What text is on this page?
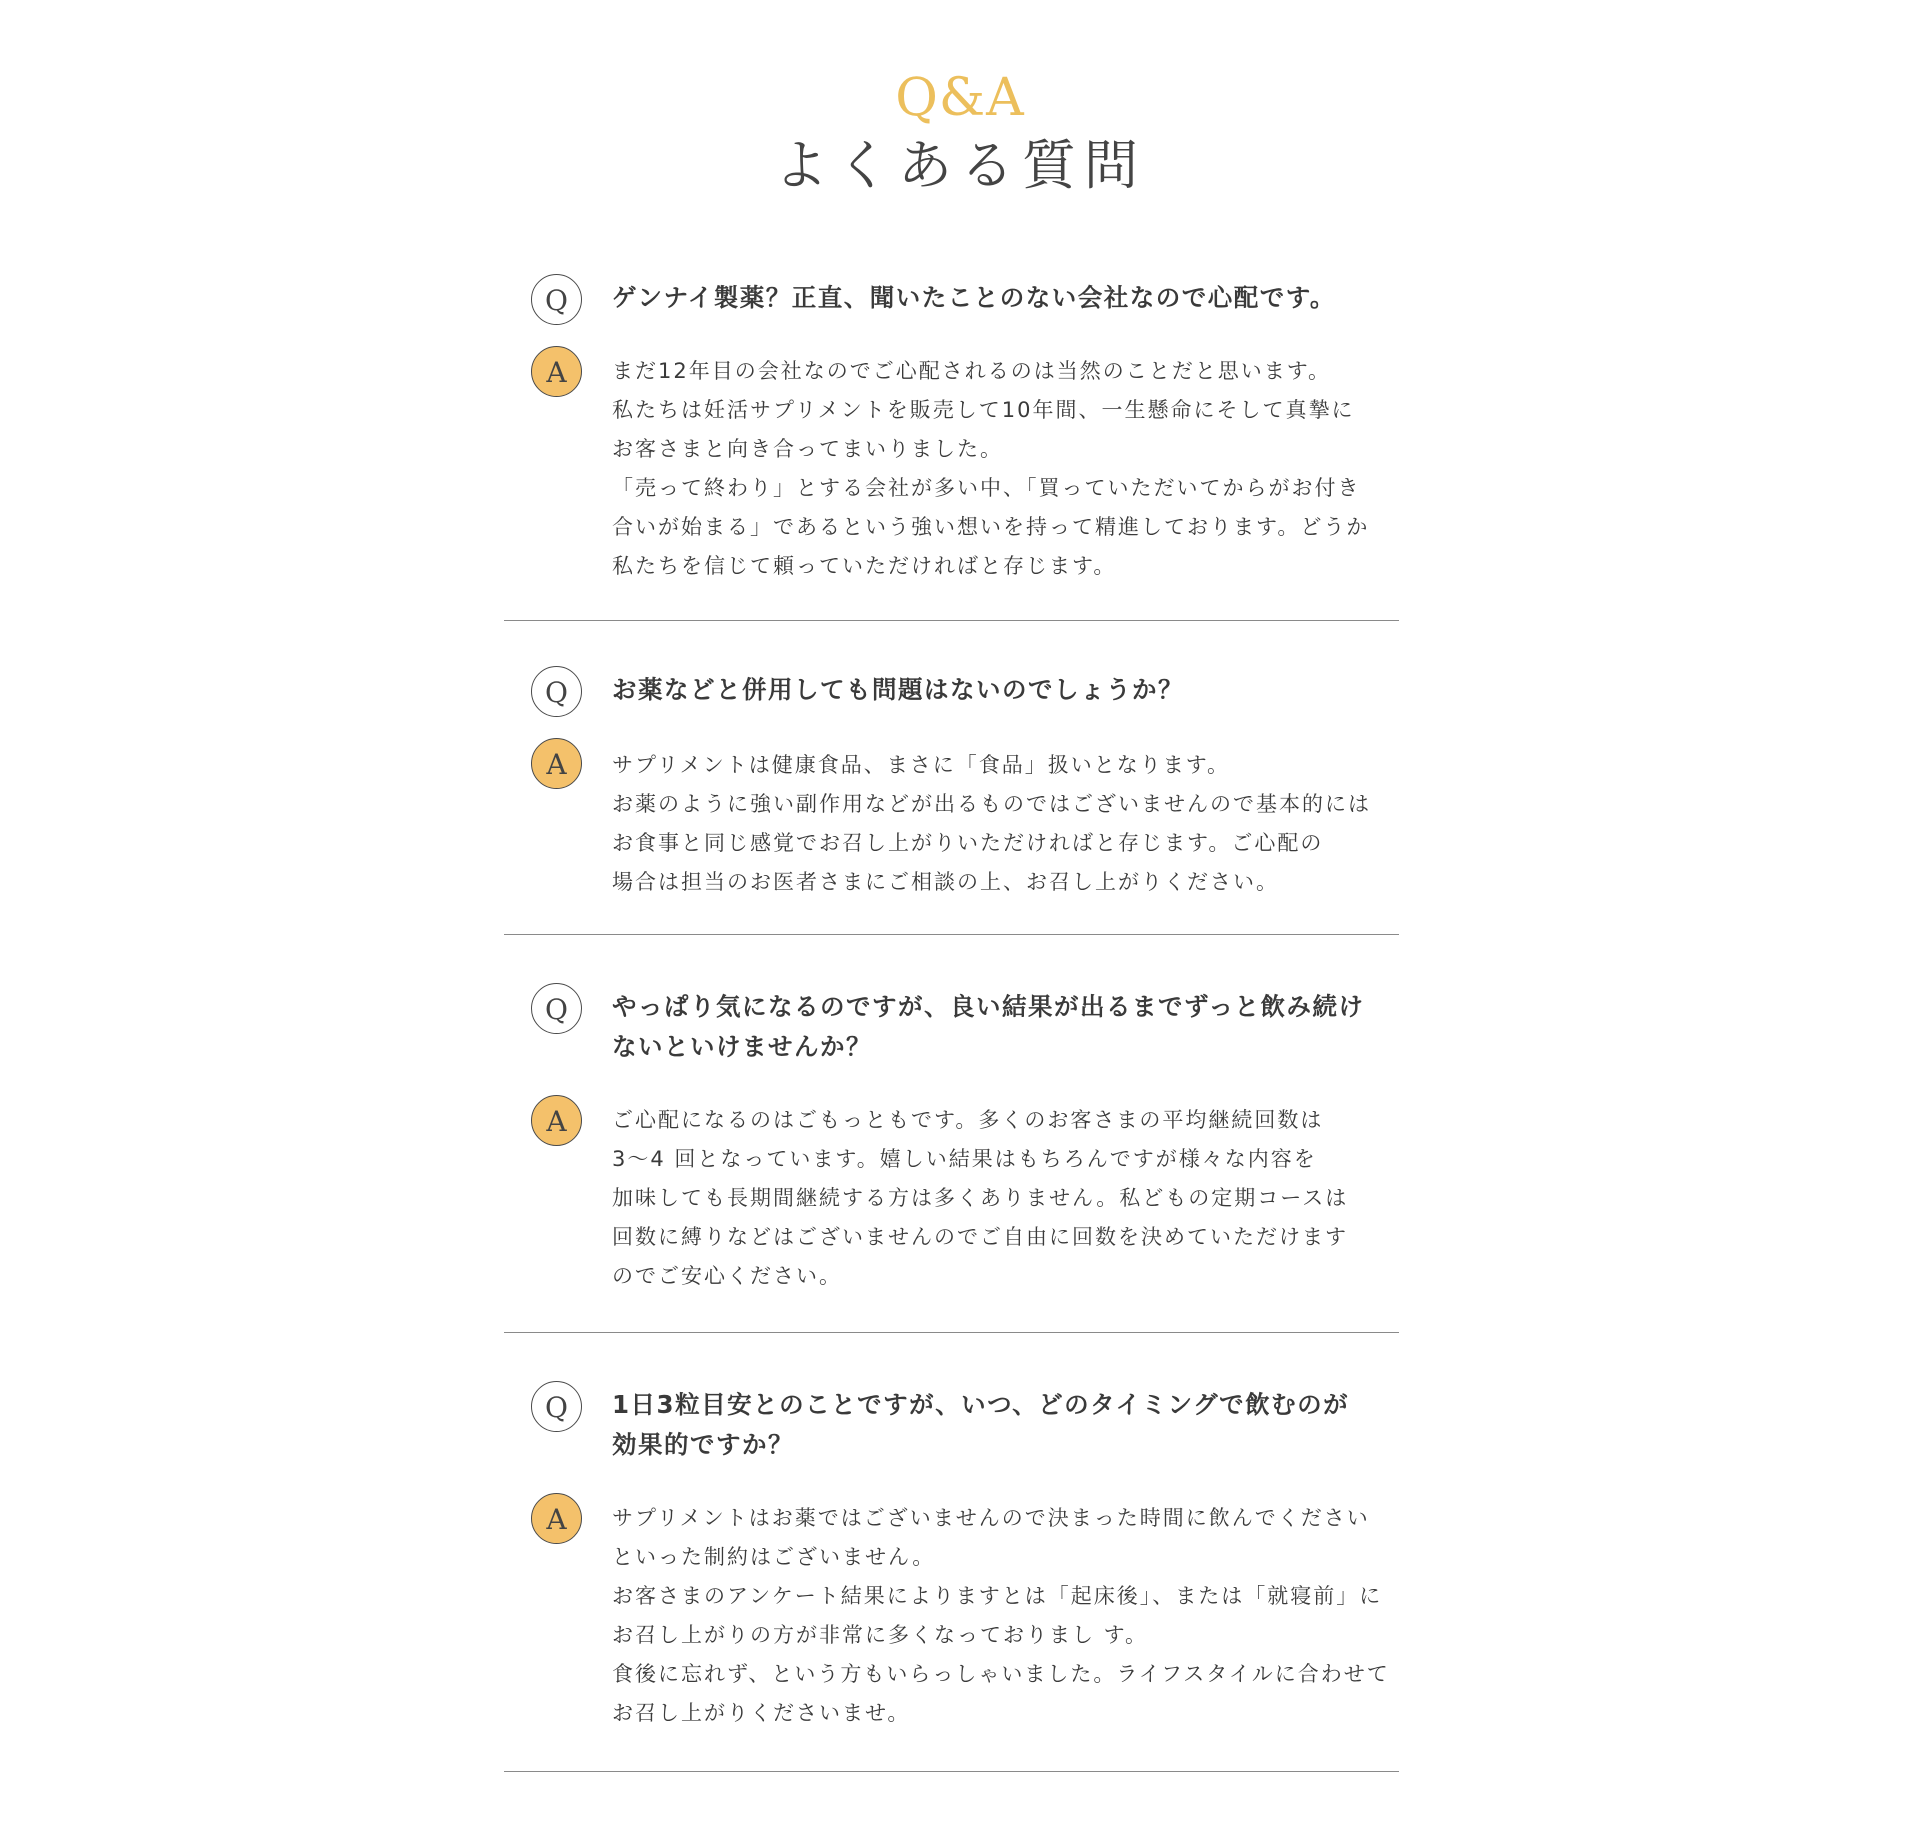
Q&A
よくある質問
Q	ゲンナイ製薬？正直、聞いたことのない会社なので心配です。
A	まだ12年目の会社なのでご心配されるのは当然のことだと思います。
私たちは妊活サプリメントを販売して10年間、一生懸命にそして真摯に
お客さまと向き合ってまいりました。
「売って終わり」とする会社が多い中、「買っていただいてからがお付き
合いが始まる」であるという強い想いを持って精進しております。どうか
私たちを信じて頼っていただければと存じます。
Q	お薬などと併用しても問題はないのでしょうか？
A	サプリメントは健康食品、まさに「食品」扱いとなります。
お薬のように強い副作用などが出るものではございませんので基本的には
お食事と同じ感覚でお召し上がりいただければと存じます。ご心配の
場合は担当のお医者さまにご相談の上、お召し上がりください。
Q	やっぱり気になるのですが、良い結果が出るまでずっと飲み続け
ないといけませんか？
A	ご心配になるのはごもっともです。多くのお客さまの平均継続回数は
3〜4 回となっています。嬉しい結果はもちろんですが様々な内容を
加味しても長期間継続する方は多くありません。私どもの定期コースは
回数に縛りなどはございませんのでご自由に回数を決めていただけます
のでご安心ください。
Q	1日3粒目安とのことですが、いつ、どのタイミングで飲むのが
効果的ですか？
A	サプリメントはお薬ではございませんので決まった時間に飲んでください
といった制約はございません。
お客さまのアンケート結果によりますとは「起床後」、または「就寝前」に
お召し上がりの方が非常に多くなっておりまし す。
食後に忘れず、という方もいらっしゃいました。ライフスタイルに合わせて
お召し上がりくださいませ。
